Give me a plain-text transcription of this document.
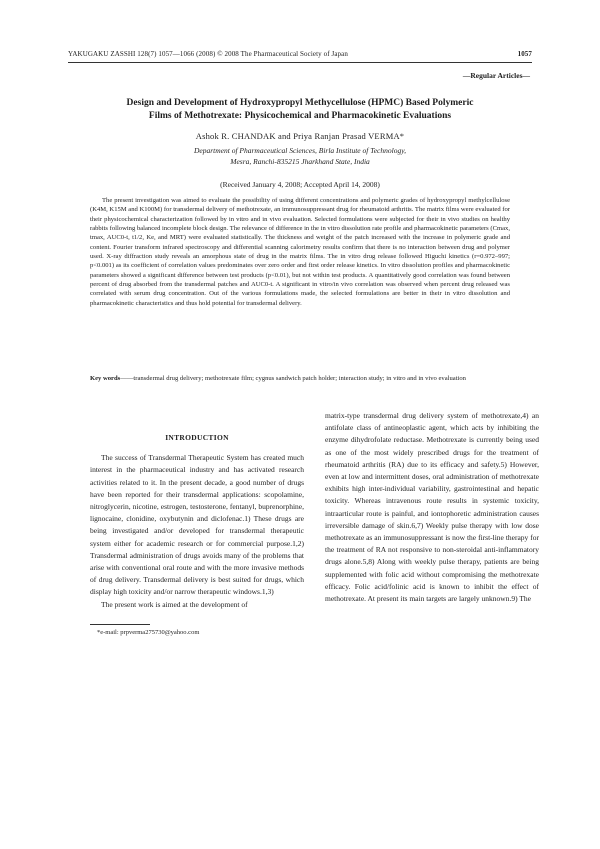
YAKUGAKU ZASSHI 128(7) 1057―1066 (2008) © 2008 The Pharmaceutical Society of Japan	1057
―Regular Articles―
Design and Development of Hydroxypropyl Methycellulose (HPMC) Based Polymeric
Films of Methotrexate: Physicochemical and Pharmacokinetic Evaluations
Ashok R. CHANDAK and Priya Ranjan Prasad VERMA*
Department of Pharmaceutical Sciences, Birla Institute of Technology,
Mesra, Ranchi-835215 Jharkhand State, India
(Received January 4, 2008; Accepted April 14, 2008)
The present investigation was aimed to evaluate the possibility of using different concentrations and polymeric grades of hydroxypropyl methylcellulose (K4M, K15M and K100M) for transdermal delivery of methotrexate, an immunosuppressant drug for rheumatoid arthritis. The matrix films were evaluated for their physicochemical characterization followed by in vitro and in vivo evaluation. Selected formulations were subjected for their in vivo studies on healthy rabbits following balanced incomplete block design. The relevance of difference in the in vitro dissolution rate profile and pharmacokinetic parameters (Cmax, tmax, AUC0-t, t1/2, Ke, and MRT) were evaluated statistically. The thickness and weight of the patch increased with the increase in polymeric grade and content. Fourier transform infrared spectroscopy and differential scanning calorimetry results confirm that there is no interaction between drug and polymer used. X-ray diffraction study reveals an amorphous state of drug in the matrix films. The in vitro drug release followed Higuchi kinetics (r=0.972–997; p<0.001) as its coefficient of correlation values predominates over zero order and first order release kinetics. In vitro dissolution profiles and pharmacokinetic parameters showed a significant difference between test products (p<0.01), but not within test products. A quantitatively good correlation was found between percent of drug absorbed from the transdermal patches and AUC0-t. A significant in vitro/in vivo correlation was observed when percent drug released was correlated with serum drug concentration. Out of the various formulations made, the selected formulations are better in their in vitro dissolution and pharmacokinetic characteristics and thus hold potential for transdermal delivery.
Key words――transdermal drug delivery; methotrexate film; cygnus sandwich patch holder; interaction study; in vitro and in vivo evaluation
INTRODUCTION

The success of Transdermal Therapeutic System has created much interest in the pharmaceutical industry and has activated research activities related to it. In the present decade, a good number of drugs have been reported for their transdermal applications: scopolamine, nitroglycerin, nicotine, estrogen, testosterone, fentanyl, buprenorphine, lignocaine, clonidine, oxybutynin and diclofenac.1) These drugs are being investigated and/or developed for transdermal therapeutic system either for academic research or for commercial purpose.1,2) Transdermal administration of drugs avoids many of the problems that arise with conventional oral route and with the more invasive methods of drug delivery. Transdermal delivery is best suited for drugs, which display high toxicity and/or narrow therapeutic windows.1,3)

The present work is aimed at the development of

matrix-type transdermal drug delivery system of methotrexate,4) an antifolate class of antineoplastic agent, which acts by inhibiting the enzyme dihydrofolate reductase. Methotrexate is currently being used as one of the most widely prescribed drugs for the treatment of rheumatoid arthritis (RA) due to its efficacy and safety.5) However, even at low and intermittent doses, oral administration of methotrexate exhibits high inter-individual variability, gastrointestinal and hepatic toxicity. Whereas intravenous route results in systemic toxicity, intraarticular route is painful, and iontophoretic administration causes irreversible damage of skin.6,7) Weekly pulse therapy with low dose methotrexate as an immunosuppressant is now the first-line therapy for the treatment of RA not responsive to non-steroidal anti-inflammatory drugs alone.5,8) Along with weekly pulse therapy, patients are being supplemented with folic acid without compromising the methotrexate efficacy. Folic acid/folinic acid is known to inhibit the effect of methotrexate. At present its main targets are largely unknown.9) The

*e-mail: prpverma275730@yahoo.com
